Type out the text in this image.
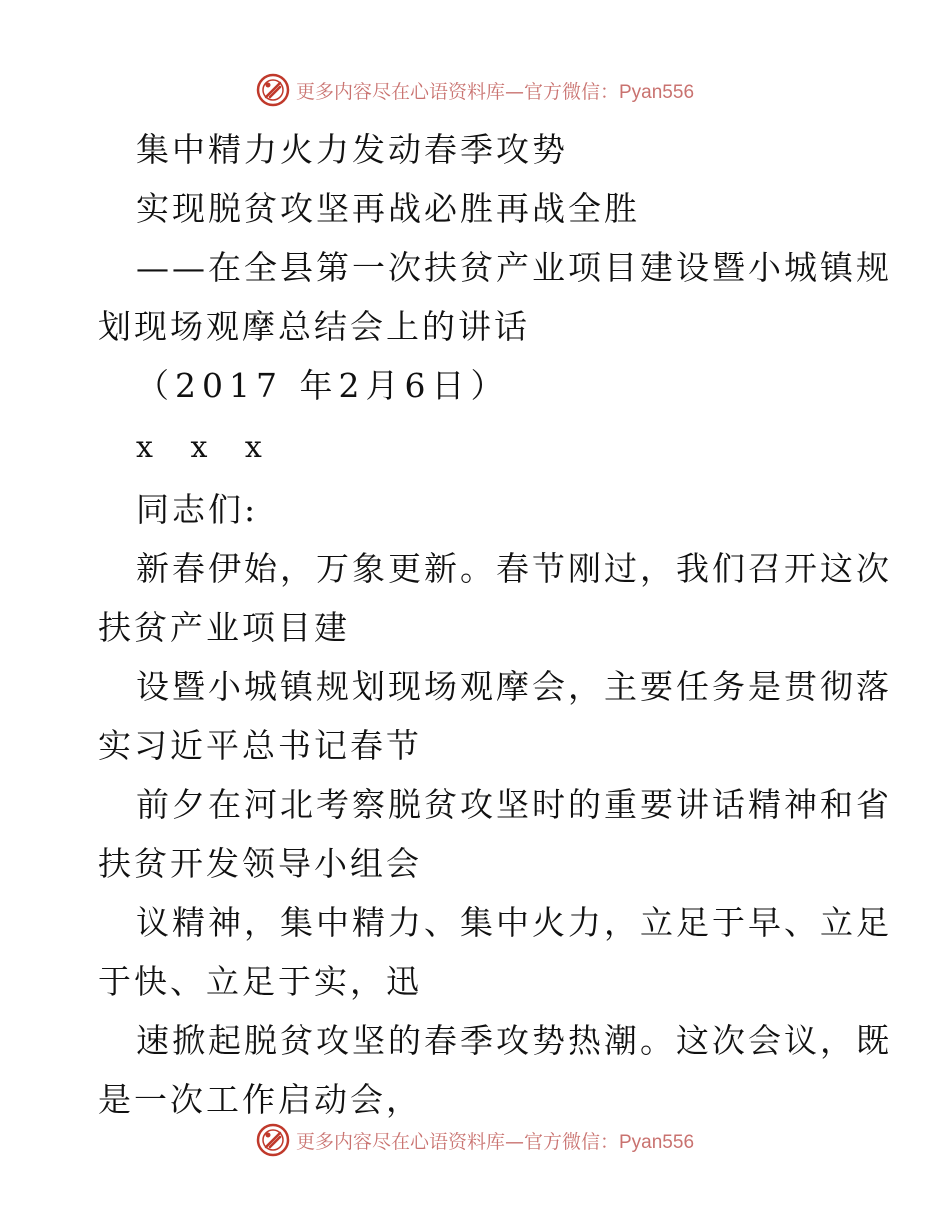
更多内容尽在心语资料库—官方微信：Pyan556
集中精力火力发动春季攻势
实现脱贫攻坚再战必胜再战全胜
——在全县第一次扶贫产业项目建设暨小城镇规
划现场观摩总结会上的讲话
（2017 年2月6日）
x x x
同志们:
新春伊始，万象更新。春节刚过，我们召开这次
扶贫产业项目建
设暨小城镇规划现场观摩会，主要任务是贯彻落
实习近平总书记春节
前夕在河北考察脱贫攻坚时的重要讲话精神和省
扶贫开发领导小组会
议精神，集中精力、集中火力，立足于早、立足
于快、立足于实，迅
速掀起脱贫攻坚的春季攻势热潮。这次会议，既
是一次工作启动会，
更多内容尽在心语资料库—官方微信：Pyan556
